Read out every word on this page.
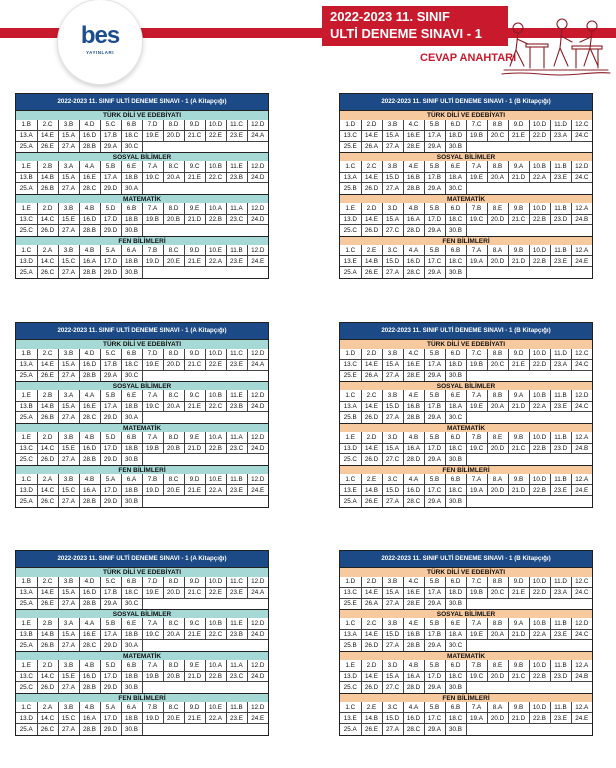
bes
YAYINLARI
2022-2023 11. SINIF
ULTİ DENEME SINAVI - 1
CEVAP ANAHTARI
2022-2023 11. SINIF ULTİ DENEME SINAVI - 1 (A Kitapçığı)
TÜRK DİLİ VE EDEBİYATI
1.B	2.C	3.B	4.D	5.C	6.B	7.D	8.D	9.D	10.D	11.C	12.D
13.A	14.E	15.A	16.D	17.B	18.C	19.E	20.D	21.C	22.E	23.E	24.A
25.A	26.E	27.A	28.B	29.A	30.C						
SOSYAL BİLİMLER
1.E	2.B	3.A	4.A	5.B	6.E	7.A	8.C	9.C	10.B	11.E	12.D
13.B	14.B	15.A	16.E	17.A	18.B	19.C	20.A	21.E	22.C	23.B	24.D
25.A	26.B	27.A	28.C	29.D	30.A						
MATEMATİK
1.E	2.D	3.B	4.B	5.D	6.B	7.A	8.D	9.E	10.A	11.A	12.D
13.C	14.C	15.E	16.D	17.D	18.B	19.B	20.B	21.D	22.B	23.C	24.D
25.C	26.D	27.A	28.B	29.D	30.B						
FEN BİLİMLERİ
1.C	2.A	3.B	4.B	5.A	6.A	7.B	8.C	9.D	10.E	11.B	12.D
13.D	14.C	15.C	16.A	17.D	18.B	19.D	20.E	21.E	22.A	23.E	24.E
25.A	26.C	27.A	28.B	29.D	30.B						
2022-2023 11. SINIF ULTİ DENEME SINAVI - 1 (B Kitapçığı)
TÜRK DİLİ VE EDEBİYATI
1.D	2.D	3.B	4.C	5.B	6.D	7.C	8.B	9.D	10.D	11.D	12.C
13.C	14.E	15.A	16.E	17.A	18.D	19.B	20.C	21.E	22.D	23.A	24.C
25.E	26.A	27.A	28.E	29.A	30.B						
SOSYAL BİLİMLER
1.C	2.C	3.B	4.E	5.B	6.E	7.A	8.B	9.A	10.B	11.B	12.D
13.A	14.E	15.D	16.B	17.B	18.A	19.E	20.A	21.D	22.A	23.E	24.C
25.B	26.D	27.A	28.B	29.A	30.C						
MATEMATİK
1.E	2.D	3.D	4.B	5.B	6.D	7.B	8.E	9.B	10.D	11.B	12.A
13.D	14.E	15.A	16.A	17.D	18.C	19.C	20.D	21.C	22.B	23.D	24.B
25.C	26.D	27.C	28.D	29.A	30.B						
FEN BİLİMLERİ
1.C	2.E	3.C	4.A	5.B	6.B	7.A	8.A	9.B	10.D	11.B	12.A
13.E	14.B	15.D	16.D	17.C	18.C	19.A	20.D	21.D	22.B	23.E	24.E
25.A	26.E	27.A	28.C	29.A	30.B						
2022-2023 11. SINIF ULTİ DENEME SINAVI - 1 (A Kitapçığı)
TÜRK DİLİ VE EDEBİYATI
1.B	2.C	3.B	4.D	5.C	6.B	7.D	8.D	9.D	10.D	11.C	12.D
13.A	14.E	15.A	16.D	17.B	18.C	19.E	20.D	21.C	22.E	23.E	24.A
25.A	26.E	27.A	28.B	29.A	30.C						
SOSYAL BİLİMLER
1.E	2.B	3.A	4.A	5.B	6.E	7.A	8.C	9.C	10.B	11.E	12.D
13.B	14.B	15.A	16.E	17.A	18.B	19.C	20.A	21.E	22.C	23.B	24.D
25.A	26.B	27.A	28.C	29.D	30.A						
MATEMATİK
1.E	2.D	3.B	4.B	5.D	6.B	7.A	8.D	9.E	10.A	11.A	12.D
13.C	14.C	15.E	16.D	17.D	18.B	19.B	20.B	21.D	22.B	23.C	24.D
25.C	26.D	27.A	28.B	29.D	30.B						
FEN BİLİMLERİ
1.C	2.A	3.B	4.B	5.A	6.A	7.B	8.C	9.D	10.E	11.B	12.D
13.D	14.C	15.C	16.A	17.D	18.B	19.D	20.E	21.E	22.A	23.E	24.E
25.A	26.C	27.A	28.B	29.D	30.B						
2022-2023 11. SINIF ULTİ DENEME SINAVI - 1 (B Kitapçığı)
TÜRK DİLİ VE EDEBİYATI
1.D	2.D	3.B	4.C	5.B	6.D	7.C	8.B	9.D	10.D	11.D	12.C
13.C	14.E	15.A	16.E	17.A	18.D	19.B	20.C	21.E	22.D	23.A	24.C
25.E	26.A	27.A	28.E	29.A	30.B						
SOSYAL BİLİMLER
1.C	2.C	3.B	4.E	5.B	6.E	7.A	8.B	9.A	10.B	11.B	12.D
13.A	14.E	15.D	16.B	17.B	18.A	19.E	20.A	21.D	22.A	23.E	24.C
25.B	26.D	27.A	28.B	29.A	30.C						
MATEMATİK
1.E	2.D	3.D	4.B	5.B	6.D	7.B	8.E	9.B	10.D	11.B	12.A
13.D	14.E	15.A	16.A	17.D	18.C	19.C	20.D	21.C	22.B	23.D	24.B
25.C	26.D	27.C	28.D	29.A	30.B						
FEN BİLİMLERİ
1.C	2.E	3.C	4.A	5.B	6.B	7.A	8.A	9.B	10.D	11.B	12.A
13.E	14.B	15.D	16.D	17.C	18.C	19.A	20.D	21.D	22.B	23.E	24.E
25.A	26.E	27.A	28.C	29.A	30.B						
2022-2023 11. SINIF ULTİ DENEME SINAVI - 1 (A Kitapçığı)
TÜRK DİLİ VE EDEBİYATI
1.B	2.C	3.B	4.D	5.C	6.B	7.D	8.D	9.D	10.D	11.C	12.D
13.A	14.E	15.A	16.D	17.B	18.C	19.E	20.D	21.C	22.E	23.E	24.A
25.A	26.E	27.A	28.B	29.A	30.C						
SOSYAL BİLİMLER
1.E	2.B	3.A	4.A	5.B	6.E	7.A	8.C	9.C	10.B	11.E	12.D
13.B	14.B	15.A	16.E	17.A	18.B	19.C	20.A	21.E	22.C	23.B	24.D
25.A	26.B	27.A	28.C	29.D	30.A						
MATEMATİK
1.E	2.D	3.B	4.B	5.D	6.B	7.A	8.D	9.E	10.A	11.A	12.D
13.C	14.C	15.E	16.D	17.D	18.B	19.B	20.B	21.D	22.B	23.C	24.D
25.C	26.D	27.A	28.B	29.D	30.B						
FEN BİLİMLERİ
1.C	2.A	3.B	4.B	5.A	6.A	7.B	8.C	9.D	10.E	11.B	12.D
13.D	14.C	15.C	16.A	17.D	18.B	19.D	20.E	21.E	22.A	23.E	24.E
25.A	26.C	27.A	28.B	29.D	30.B						
2022-2023 11. SINIF ULTİ DENEME SINAVI - 1 (B Kitapçığı)
TÜRK DİLİ VE EDEBİYATI
1.D	2.D	3.B	4.C	5.B	6.D	7.C	8.B	9.D	10.D	11.D	12.C
13.C	14.E	15.A	16.E	17.A	18.D	19.B	20.C	21.E	22.D	23.A	24.C
25.E	26.A	27.A	28.E	29.A	30.B						
SOSYAL BİLİMLER
1.C	2.C	3.B	4.E	5.B	6.E	7.A	8.B	9.A	10.B	11.B	12.D
13.A	14.E	15.D	16.B	17.B	18.A	19.E	20.A	21.D	22.A	23.E	24.C
25.B	26.D	27.A	28.B	29.A	30.C						
MATEMATİK
1.E	2.D	3.D	4.B	5.B	6.D	7.B	8.E	9.B	10.D	11.B	12.A
13.D	14.E	15.A	16.A	17.D	18.C	19.C	20.D	21.C	22.B	23.D	24.B
25.C	26.D	27.C	28.D	29.A	30.B						
FEN BİLİMLERİ
1.C	2.E	3.C	4.A	5.B	6.B	7.A	8.A	9.B	10.D	11.B	12.A
13.E	14.B	15.D	16.D	17.C	18.C	19.A	20.D	21.D	22.B	23.E	24.E
25.A	26.E	27.A	28.C	29.A	30.B						
